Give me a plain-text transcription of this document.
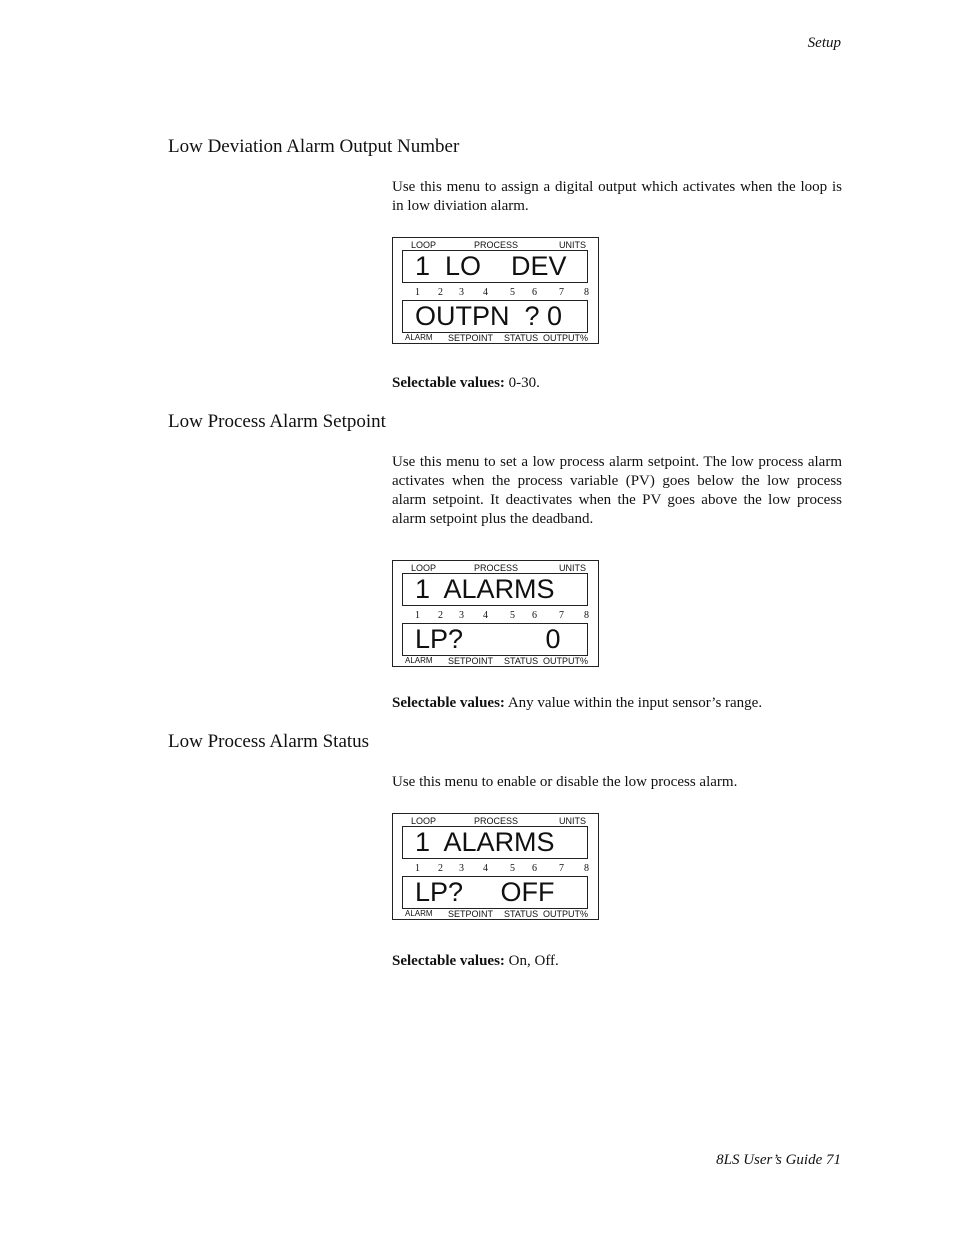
Setup
Low Deviation Alarm Output Number
Use this menu to assign a digital output which activates when the loop is in low diviation alarm.
LOOP	PROCESS	UNITS
1  LO    DEV
1 2 3 4 5 6 7 8
OUTPN  ? 0
ALARM SETPOINT STATUS OUTPUT%
Selectable values: 0-30.
Low Process Alarm Setpoint
Use this menu to set a low process alarm setpoint. The low process alarm activates when the process variable (PV) goes below the low process alarm setpoint. It deactivates when the PV goes above the low process alarm setpoint plus the deadband.
LOOP	PROCESS	UNITS
1  ALARMS
1 2 3 4 5 6 7 8
LP?           0
ALARM SETPOINT STATUS OUTPUT%
Selectable values: Any value within the input sensor’s range.
Low Process Alarm Status
Use this menu to enable or disable the low process alarm.
LOOP	PROCESS	UNITS
1  ALARMS
1 2 3 4 5 6 7 8
LP?     OFF
ALARM SETPOINT STATUS OUTPUT%
Selectable values: On, Off.
8LS User’s Guide 71
